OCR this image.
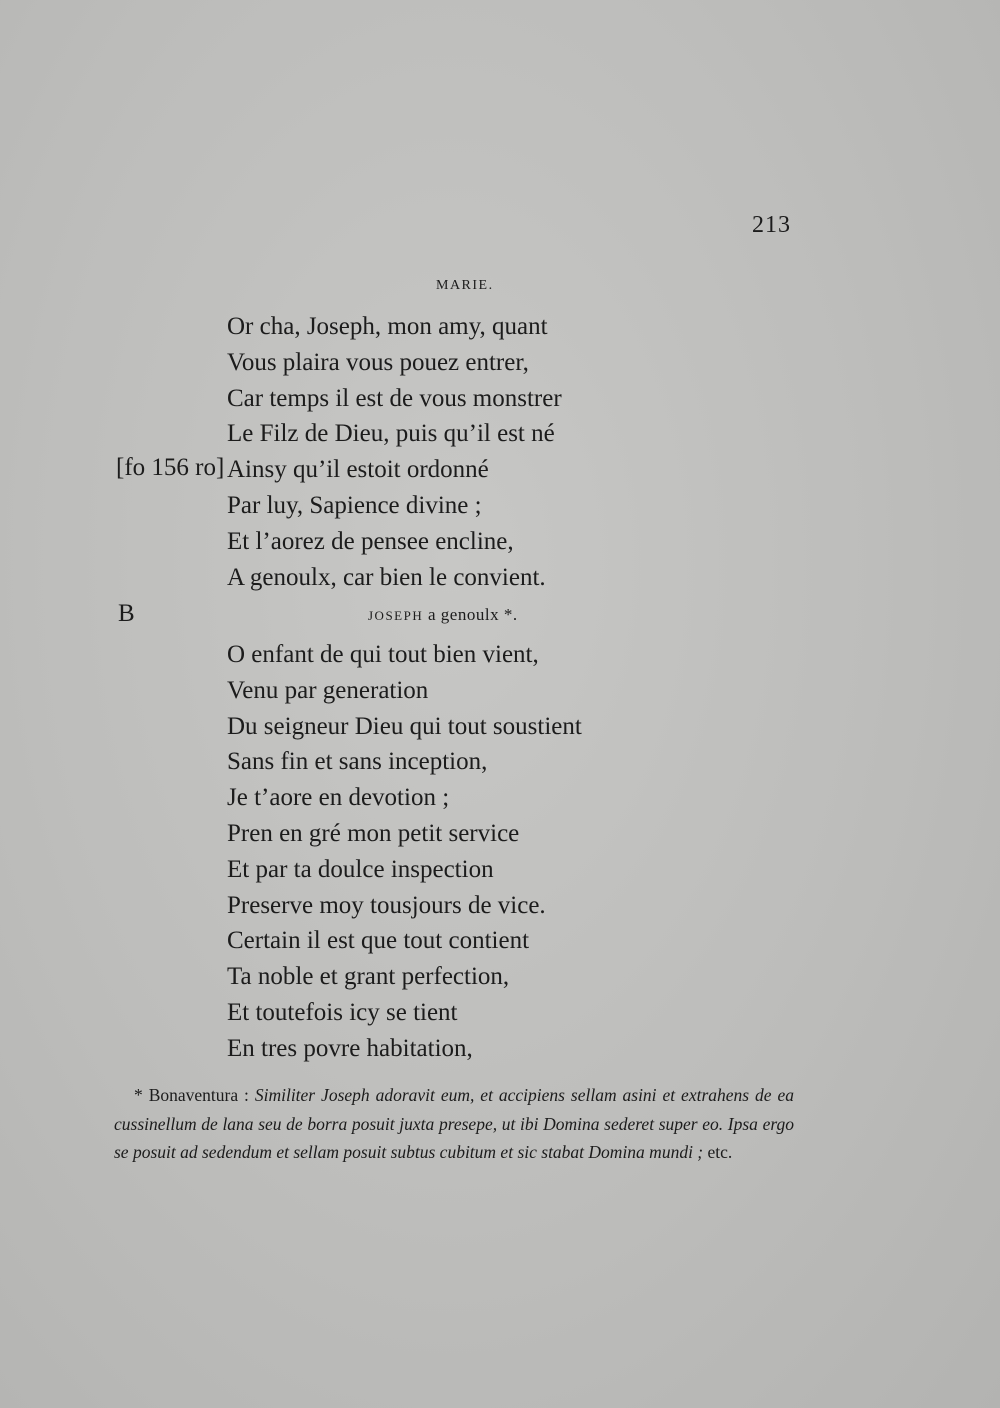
213
MARIE.
Or cha, Joseph, mon amy, quant
Vous plaira vous pouez entrer,
Car temps il est de vous monstrer
Le Filz de Dieu, puis qu’il est né
Ainsy qu’il estoit ordonné
Par luy, Sapience divine ;
Et l’aorez de pensee encline,
A genoulx, car bien le convient.
[fo 156 ro]
B	JOSEPH a genoulx *.
O enfant de qui tout bien vient,
Venu par generation
Du seigneur Dieu qui tout soustient
Sans fin et sans inception,
Je t’aore en devotion ;
Pren en gré mon petit service
Et par ta doulce inspection
Preserve moy tousjours de vice.
Certain il est que tout contient
Ta noble et grant perfection,
Et toutefois icy se tient
En tres povre habitation,
* Bonaventura : Similiter Joseph adoravit eum, et accipiens sellam asini et extrahens de ea cussinellum de lana seu de borra posuit juxta presepe, ut ibi Domina sederet super eo. Ipsa ergo se posuit ad sedendum et sellam posuit subtus cubitum et sic stabat Domina mundi ; etc.
